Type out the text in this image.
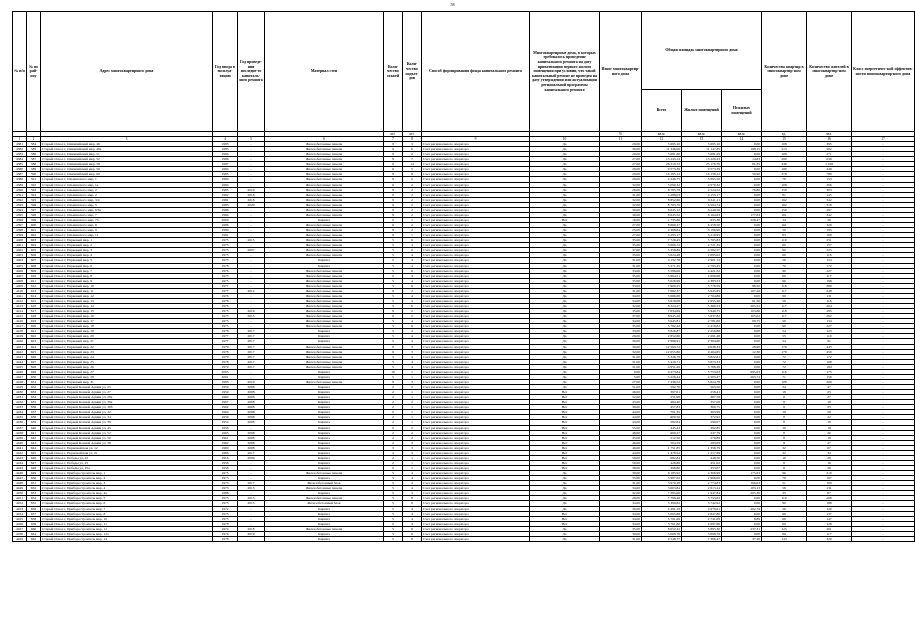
58
№ п/п	№ по рай-ону	Адрес многоквартирного дома	Год ввода в эксплуа-тацию	Год проведе-ния последне-го капиталь-ного ремонта	Материал стен	Коли-чество этажей	Коли-чество подъез-дов	Способ формирования фонда капитального ремонта	Многоквартирные дома, в которых требовалось проведение капитального ремонта на дату приватизации первого жилого помещения при условии, что такой капитальный ремонт не проведен на дату утверждения или актуализации региональной программы капитального ремонта	Износ многоквартир-ного дома	Общая площадь многоквартирного дома			Количество квартир в многоквартир-ном доме	Количество жителей в многоквартир-ном доме	Класс энергетичес-кой эффектив-ности многоквартир-ного дома
											Всего	Жилых помещений	Нежилых помещений			
						шт.	шт.			%	кв.м.	кв.м.	кв.м.	ед.	чел.	
1	2	3	4	5	6	7	8	9	10	11	12	13	14	15	16	17
4381	584	Старый Оскол г, Олимпийский мкр, 49	1985	-	Железобетонные панели	9	3	Счет регионального оператора	Да	29,00	5 695,10	5 695,10	0,00	108	395	-
4382	585	Старый Оскол г, Олимпийский мкр, 49а	1983	-	Железобетонные панели	9	6	Счет регионального оператора	Да	30,00	11 346,00	11 147,85	198,15	213	582	-
4383	586	Старый Оскол г, Олимпийский мкр, 51	1984	-	Железобетонные панели	9	2	Счет регионального оператора	Да	29,00	5 681,60	5 681,29	0,00	108	271	-
4384	587	Старый Оскол г, Олимпийский мкр, 52	1986	-	Железобетонные панели	9	7	Счет регионального оператора	Да	27,00	15 243,14	15 229,23	14,63	260	636	-
4385	588	Старый Оскол г, Олимпийский мкр, 58	1987	-	Железобетонные панели	9	14	Счет регионального оператора	Да	27,00	26 310,72	25 176,76	81,35	436	1 168	-
4386	589	Старый Оскол г, Олимпийский мкр, 59	1984	-	Железобетонные панели	9	5	Счет регионального оператора	Да	29,00	9 573,39	9 573,39	0,00	180	449	-
4387	590	Старый Оскол г, Олимпийский мкр, 60	1985	-	Железобетонные панели	9	8	Счет регионального оператора	Да	29,00	16 195,12	16 136,12	50,90	278	780	-
4388	591	Старый Оскол г, Ольминского мкр, 1	1984	-	Железобетонные панели	9	2	Счет регионального оператора	Да	29,00	4 246,75	3 895,50	0,00	76	153	-
4389	592	Старый Оскол г, Ольминского мкр, 1а	1984	-	Железобетонные панели	9	2	Счет регионального оператора	Да	32,00	5 090,32	4 970,32	0,00	108	266	-
4390	593	Старый Оскол г, Ольминского мкр, 2	1985	2019	Железобетонные панели	9	2	Счет регионального оператора	Да	26,00	8 785,78	4 524,52	76,80	159	303	-
4391	594	Старый Оскол г, Ольминского мкр, 2	1982	2018	Железобетонные панели	9	2	Счет регионального оператора	Да	31,00	4 288,03	4 153,17	0,00	81	145	-
4392	595	Старый Оскол г, Ольминского мкр, 3/4	1981	2018	Железобетонные панели	9	2	Счет регионального оператора	Да	32,00	8 852,66	6 611,11	0,00	162	342	-
4393	596	Старый Оскол г, Ольминского мкр, 5	1983	2020	Железобетонные панели	9	2	Счет регионального оператора	Да	32,00	8 703,76	6 594,74	0,00	162	318	-
4394	597	Старый Оскол г, Ольминского мкр, 6/6а	1986	-	Железобетонные панели	9	2	Счет регионального оператора	Да	30,00	8 645,12	6 249,56	0,00	159	297	-
4395	598	Старый Оскол г, Ольминского мкр, 7	1984	-	Железобетонные панели	9	2	Счет регионального оператора	Да	30,00	8 645,52	6 164,63	177,63	161	342	-
4396	599	Старый Оскол г, Ольминского мкр, 7б	2000	-	Кирпич	5	1	Счет регионального оператора	Нет	16,00	1 735,66	835,38	228,47	14	26	-
4397	600	Старый Оскол г, Ольминского мкр, 8	1986	-	Железобетонные панели	9	2	Счет регионального оператора	Да	27,00	8 660,27	6 258,50	0,00	161	329	-
4398	601	Старый Оскол г, Ольминского мкр, 9	1990	-	Железобетонные панели	9	2	Счет регионального оператора	Да	25,00	4 368,84	3 196,90	0,00	50	195	-
4399	602	Старый Оскол г, Ольминского мкр, 11	1991	-	Железобетонные панели	9	1	Счет регионального оператора	Да	27,00	4 293,17	3 210,95	0,00	83	168	-
4400	603	Старый Оскол г, Парковый мкр, 1	1975	2015	Железобетонные панели	5	6	Счет регионального оператора	Да	35,00	7 720,45	5 765,83	0,00	119	251	-
4401	604	Старый Оскол г, Парковый мкр, 2	1975	-	Железобетонные панели	5	4	Счет регионального оператора	Да	35,00	3 609,72	2 721,35	0,00	60	157	-
4402	605	Старый Оскол г, Парковый мкр, 3	1973	2007	Железобетонные панели	5	6	Счет регионального оператора	Да	37,00	5 358,89	4 582,57	0,00	90	225	-
4403	606	Старый Оскол г, Парковый мкр, 4	1975	-	Железобетонные панели	5	4	Счет регионального оператора	Да	35,00	3 624,48	2 695,02	0,00	60	118	-
4404	607	Старый Оскол г, Парковый мкр, 5	1975	-	Кирпич	5	4	Счет регионального оператора	Да	31,00	4 152,78	2 901,72	0,00	56	124	-
4405	608	Старый Оскол г, Парковый мкр, 6	1978	-	Кирпич	5	4	Счет регионального оператора	Да	31,00	5 271,35	2 793,45	0,00	70	172	-
4406	609	Старый Оскол г, Парковый мкр, 7	1976	-	Железобетонные панели	5	6	Счет регионального оператора	Да	33,00	5 596,06	4 421,52	0,00	90	227	-
4407	610	Старый Оскол г, Парковый мкр, 8	1975	-	Железобетонные панели	5	4	Счет регионального оператора	Да	35,00	3 664,51	2 699,68	0,00	60	117	-
4408	611	Старый Оскол г, Парковый мкр, 9	1975	-	Железобетонные панели	5	4	Счет регионального оператора	Да	35,00	3 626,99	4 383,53	0,00	90	198	-
4409	612	Старый Оскол г, Парковый мкр, 10	1977	-	Железобетонные панели	5	6	Счет регионального оператора	Да	33,00	7 900,25	5 776,59	96,50	118	280	-
4410	613	Старый Оскол г, Парковый мкр, 11	1977	2012	Железобетонные панели	9	2	Счет регионального оператора	Да	31,00	7 682,37	5 945,65	107,26	117	248	-
4411	614	Старый Оскол г, Парковый мкр, 12	1976	-	Железобетонные панели	5	4	Счет регионального оператора	Да	34,00	3 666,68	2 704,86	0,00	60	131	-
4412	615	Старый Оскол г, Парковый мкр, 13	1976	-	Железобетонные панели	5	4	Счет регионального оператора	Да	34,00	3 618,08	2 655,26	61,50	59	118	-
4413	616	Старый Оскол г, Парковый мкр, 14	1976	-	Железобетонные панели	5	6	Счет регионального оператора	Да	32,00	8 124,27	5 369,53	205,52	117	264	-
4414	617	Старый Оскол г, Парковый мкр, 15	1975	2019	Железобетонные панели	9	2	Счет регионального оператора	Да	35,00	7 834,69	5 940,75	103,86	118	295	-
4415	618	Старый Оскол г, Парковый мкр, 16	1975	2015	Железобетонные панели	9	2	Счет регионального оператора	Да	37,00	8 945,26	5 637,82	105,02	117	262	-
4416	619	Старый Оскол г, Парковый мкр, 17	1975	-	Железобетонные панели	5	4	Счет регионального оператора	Да	34,00	3 645,81	2 781,66	69,75	59	134	-
4417	620	Старый Оскол г, Парковый мкр, 18	1975	-	Железобетонные панели	5	6	Счет регионального оператора	Да	35,00	5 782,42	4 419,82	0,00	90	227	-
4418	621	Старый Оскол г, Парковый мкр, 19	1978	2017	Кирпич	5	4	Счет регионального оператора	Да	33,00	3 826,87	2 250,88	0,00	54	123	-
4419	622	Старый Оскол г, Парковый мкр, 20	1977	2017	Кирпич	5	4	Счет регионального оператора	Да	29,00	2 852,66	2 291,48	0,00	55	110	-
4420	623	Старый Оскол г, Парковый мкр, 21	1977	2017	Кирпич	5	4	Счет регионального оператора	Да	30,00	2 980,91	2 304,60	0,00	54	91	-
4421	624	Старый Оскол г, Парковый мкр, 22	1979	2017	Железобетонные панели	9	3	Счет регионального оператора	Да	30,00	12 593,72	9 638,33	28,90	179	445	-
4422	625	Старый Оскол г, Парковый мкр, 23	1978	2017	Железобетонные панели	9	3	Счет регионального оператора	Да	32,00	12 655,86	9 464,65	12,30	179	459	-
4423	626	Старый Оскол г, Парковый мкр, 24	1979	2017	Железобетонные панели	5	4	Счет регионального оператора	Да	31,00	5 326,79	3 822,81	0,00	72	172	-
4424	627	Старый Оскол г, Парковый мкр, 25	1978	2017	Железобетонные панели	5	4	Счет регионального оператора	Да	31,00	5 419,71	3 873,33	0,00	72	168	-
4425	628	Старый Оскол г, Парковый мкр, 26	1979	2017	Железобетонные панели	5	4	Счет регионального оператора	Да	31,00	4 951,49	3 788,28	0,00	72	164	-
4426	629	Старый Оскол г, Парковый мкр, 27	2005	-	Кирпич	10	1	Счет регионального оператора	Да	9,00	9 473,84	5 753,03	695,03	118	175	-
4427	630	Старый Оскол г, Парковый мкр, 28	2001	-	Кирпич	5	1	Счет регионального оператора	Да	5,00	5 226,44	4 503,47	263,74	71	150	-
4428	631	Старый Оскол г, Парковый мкр, 31	1983	2019	Железобетонные панели	9	3	Счет регионального оператора	Да	27,00	7 336,52	5 624,78	0,00	108	269	-
4429	632	Старый Оскол г, Первой Конной Армии ул, 25	1959	2008	Кирпич	2	2	Счет регионального оператора	Да	51,00	592,70	563,50	0,00	24	47	-
4430	633	Старый Оскол г, Первой Конной Армии ул, 27	1959	2008	Кирпич	2	1	Счет регионального оператора	Нет	46,00	397,01	258,41	0,00	18	25	-
4431	634	Старый Оскол г, Первой Конной Армии ул, 28а	1960	2008	Кирпич	2	1	Счет регионального оператора	Нет	52,00	551,96	387,58	0,00	8	27	-
4432	635	Старый Оскол г, Первой Конной Армии ул, 30а	1967	2008	Кирпич	2	2	Счет регионального оператора	Нет	43,00	484,40	357,08	0,00	8	19	-
4433	636	Старый Оскол г, Первой Конной Армии ул, 30б	1962	2008	Кирпич	2	1	Счет регионального оператора	Нет	39,00	457,83	360,75	0,00	8	25	-
4434	637	Старый Оскол г, Первой Конной Армии ул, 32	1964	2008	Кирпич	2	1	Счет регионального оператора	Нет	44,00	791,35	363,99	0,00	18	29	-
4435	638	Старый Оскол г, Первой Конной Армии ул, 34	1959	2008	Кирпич	2	1	Счет регионального оператора	Нет	44,00	600,56	372,92	0,00	8	22	-
4436	639	Старый Оскол г, Первой Конной Армии ул, 38	1954	2008	Кирпич	2	1	Счет регионального оператора	Нет	43,00	582,64	299,07	0,00	8	18	-
4437	640	Старый Оскол г, Первой Конной Армии ул, 45	1956	-	Кирпич	2	2	Счет регионального оператора	Нет	55,00	445,43	392,85	0,00	10	19	-
4438	641	Старый Оскол г, Первой Конной Армии ул, 52	1965	2008	Кирпич	2	2	Счет регионального оператора	Нет	48,00	669,27	247,79	0,00	8	26	-
4439	642	Старый Оскол г, Первой Конной Армии ул, 56	1961	2008	Кирпич	2	2	Счет регионального оператора	Нет	45,00	512,56	279,89	0,00	8	19	-
4440	643	Старый Оскол г, Первой Конной Армии ул, 58	1962	2008	Кирпич	2	2	Счет регионального оператора	Нет	46,00	504,59	283,09	0,00	8	27	-
4441	644	Старый Оскол г, Первомайская ул, 12	1960	2008	Кирпич	3	3	Счет регионального оператора	Нет	46,00	1 751,85	1 358,79	0,00	32	67	-
4442	645	Старый Оскол г, Первомайская ул, 21	1966	2017	Кирпич	4	3	Счет регионального оператора	Нет	44,00	1 478,52	1 217,69	0,00	32	34	-
4443	646	Старый Оскол г, Победы ул, 22	1916	2009	Кирпич	2	1	Счет регионального оператора	Нет	58,00	682,84	440,50	0,00	10	29	-
4444	647	Старый Оскол г, Победы ул, 25	1958	-	Кирпич	2	1	Счет регионального оператора	Нет	50,00	428,88	451,02	0,00	8	16	-
4445	648	Старый Оскол г, Победы ул, 25а	1958	-	Кирпич	2	1	Счет регионального оператора	Нет	38,00	398,80	353,07	0,00	8	26	-
4446	649	Старый Оскол г, Приборостроитель мкр, 1	1975	-	Железобетонные панели	5	4	Счет регионального оператора	Да	30,00	6 185,92	4 306,99	175,63	96	210	-
4447	650	Старый Оскол г, Приборостроитель мкр, 2	1973	-	Кирпич	5	4	Счет регионального оператора	Да	35,00	3 987,62	2 906,00	0,00	70	107	-
4448	651	Старый Оскол г, Приборостроитель мкр, 3	1973	2017	Железобетонный блок	5	4	Счет регионального оператора	Да	31,00	3 970,18	2 774,83	166,03	51	100	-
4449	652	Старый Оскол г, Приборостроитель мкр, 4	1973	2015	Железобетонные панели	5	4	Счет регионального оператора	Да	34,00	3 663,84	2 613,24	103,13	58	131	-
4450	653	Старый Оскол г, Приборостроитель мкр, 4а	1988	-	Кирпич	5	3	Счет регионального оператора	Да	32,00	7 285,00	1 947,84	205,30	35	87	-
4451	654	Старый Оскол г, Приборостроитель мкр, 5	1973	2015	Железобетонные панели	5	8	Счет регионального оператора	Да	28,00	7 798,46	5 753,63	0,00	119	268	-
4452	655	Старый Оскол г, Приборостроитель мкр, 6	1973	2015	Железобетонный блок	5	6	Счет регионального оператора	Да	34,00	5 399,82	3 742,92	0,00	90	188	-
4453	656	Старый Оскол г, Приборостроитель мкр, 7	1972	-	Кирпич	5	4	Счет регионального оператора	Да	30,00	4 491,19	2 679,61	402,79	56	120	-
4454	657	Старый Оскол г, Приборостроитель мкр, 8	1973	-	Кирпич	5	4	Счет регионального оператора	Нет	34,00	5 065,88	2 847,80	0,00	66	137	-
4455	658	Старый Оскол г, Приборостроитель мкр, 10	1975	-	Кирпич	5	4	Счет регионального оператора	Нет	34,00	5 791,69	2 741,09	8,89	66	147	-
4456	659	Старый Оскол г, Приборостроитель мкр, 11	1978	-	Кирпич	5	4	Счет регионального оператора	Нет	34,00	3 761,80	2 697,66	0,00	69	128	-
4457	660	Старый Оскол г, Приборостроитель мкр, 12	1974	2018	Железобетонные панели	5	8	Счет регионального оператора	Да	35,00	8 052,42	5 895,30	237,31	125	261	-
4458	661	Старый Оскол г, Приборостроитель мкр, 12а	1976	2019	Кирпич	5	6	Счет регионального оператора	Да	30,00	5 068,78	3 898,76	0,00	80	117	-
4459	662	Старый Оскол г, Приборостроитель мкр, 14	1978	-	Кирпич	5	8	Счет регионального оператора	Да	31,00	9 548,77	7 366,47	37,20	143	320	-
